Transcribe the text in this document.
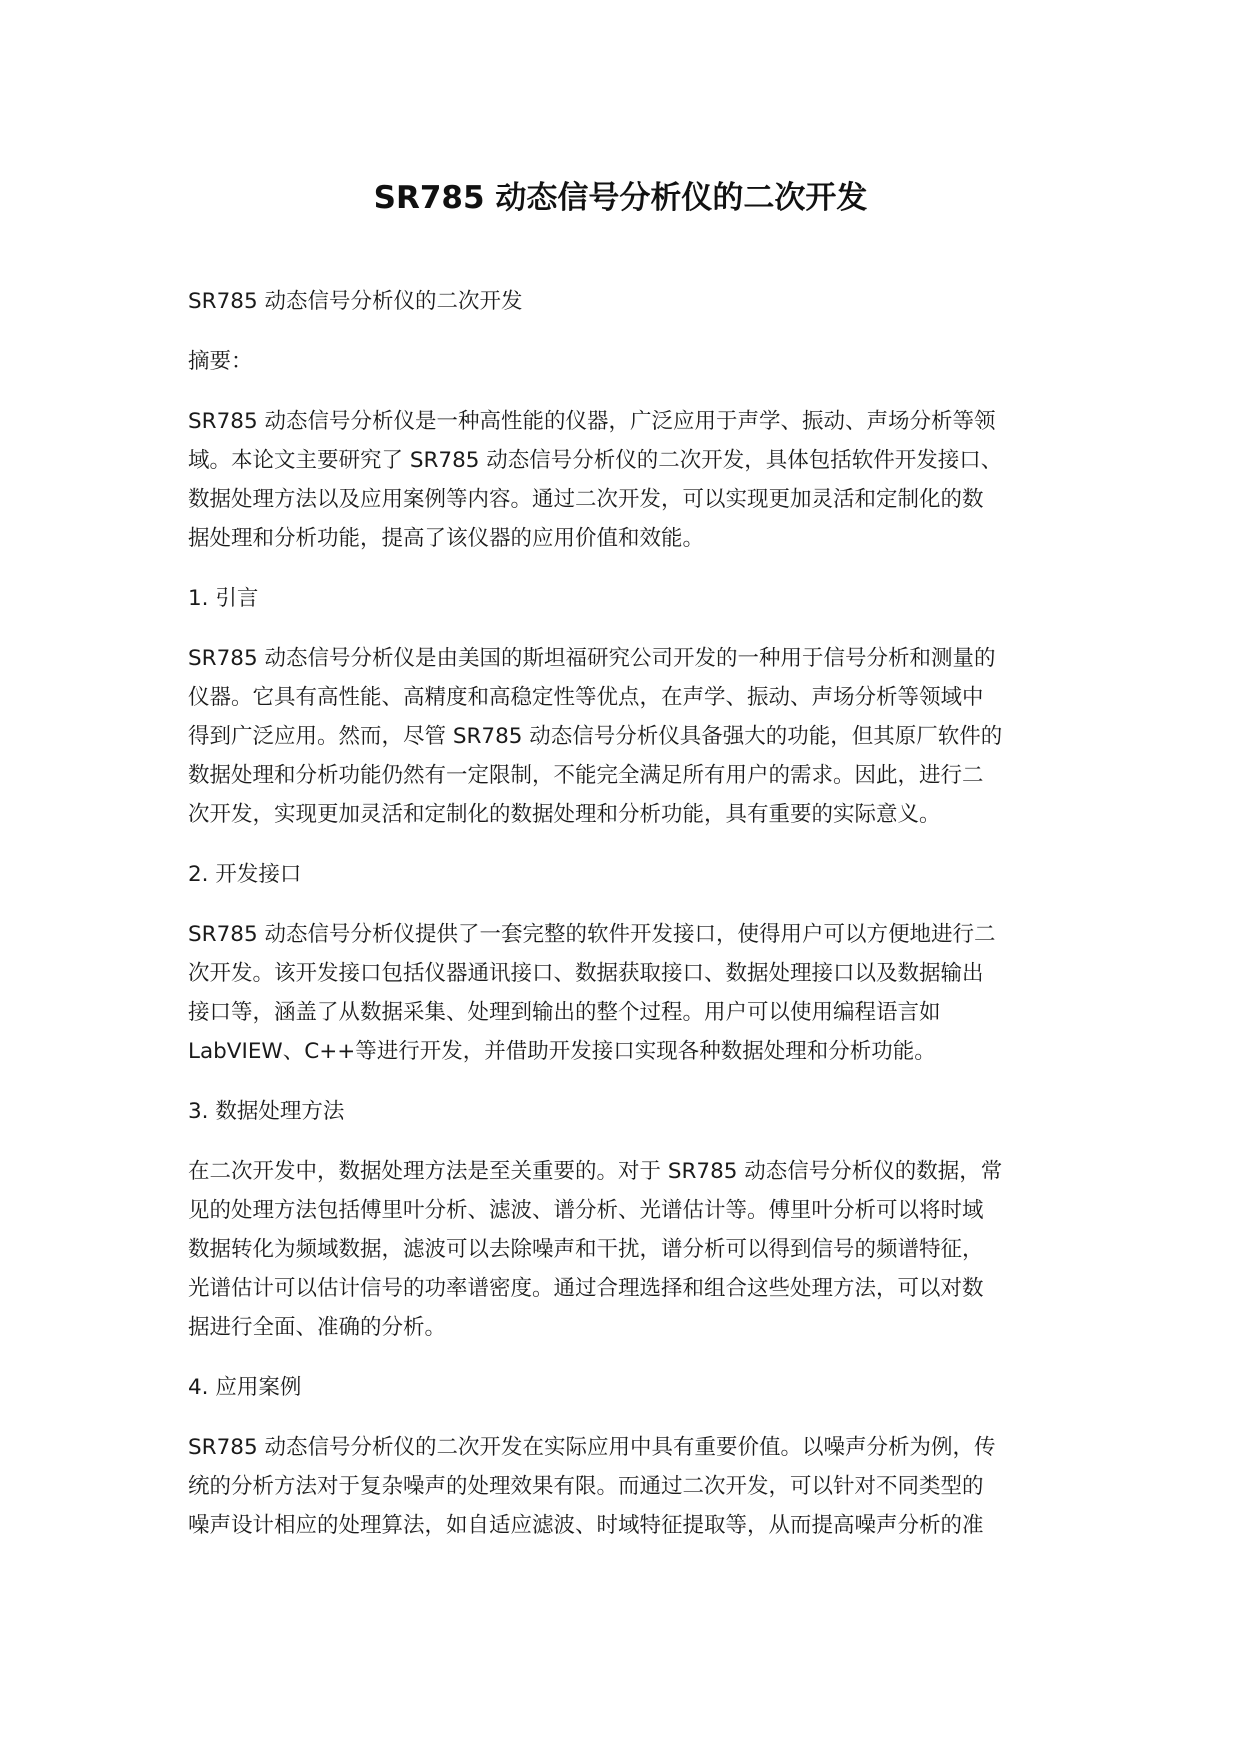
SR785 动态信号分析仪的二次开发

SR785 动态信号分析仪的二次开发

摘要：

SR785 动态信号分析仪是一种高性能的仪器，广泛应用于声学、振动、声场分析等领
域。本论文主要研究了 SR785 动态信号分析仪的二次开发，具体包括软件开发接口、
数据处理方法以及应用案例等内容。通过二次开发，可以实现更加灵活和定制化的数
据处理和分析功能，提高了该仪器的应用价值和效能。

1. 引言

SR785 动态信号分析仪是由美国的斯坦福研究公司开发的一种用于信号分析和测量的
仪器。它具有高性能、高精度和高稳定性等优点，在声学、振动、声场分析等领域中
得到广泛应用。然而，尽管 SR785 动态信号分析仪具备强大的功能，但其原厂软件的
数据处理和分析功能仍然有一定限制，不能完全满足所有用户的需求。因此，进行二
次开发，实现更加灵活和定制化的数据处理和分析功能，具有重要的实际意义。

2. 开发接口

SR785 动态信号分析仪提供了一套完整的软件开发接口，使得用户可以方便地进行二
次开发。该开发接口包括仪器通讯接口、数据获取接口、数据处理接口以及数据输出
接口等，涵盖了从数据采集、处理到输出的整个过程。用户可以使用编程语言如
LabVIEW、C++等进行开发，并借助开发接口实现各种数据处理和分析功能。

3. 数据处理方法

在二次开发中，数据处理方法是至关重要的。对于 SR785 动态信号分析仪的数据，常
见的处理方法包括傅里叶分析、滤波、谱分析、光谱估计等。傅里叶分析可以将时域
数据转化为频域数据，滤波可以去除噪声和干扰，谱分析可以得到信号的频谱特征，
光谱估计可以估计信号的功率谱密度。通过合理选择和组合这些处理方法，可以对数
据进行全面、准确的分析。

4. 应用案例

SR785 动态信号分析仪的二次开发在实际应用中具有重要价值。以噪声分析为例，传
统的分析方法对于复杂噪声的处理效果有限。而通过二次开发，可以针对不同类型的
噪声设计相应的处理算法，如自适应滤波、时域特征提取等，从而提高噪声分析的准
